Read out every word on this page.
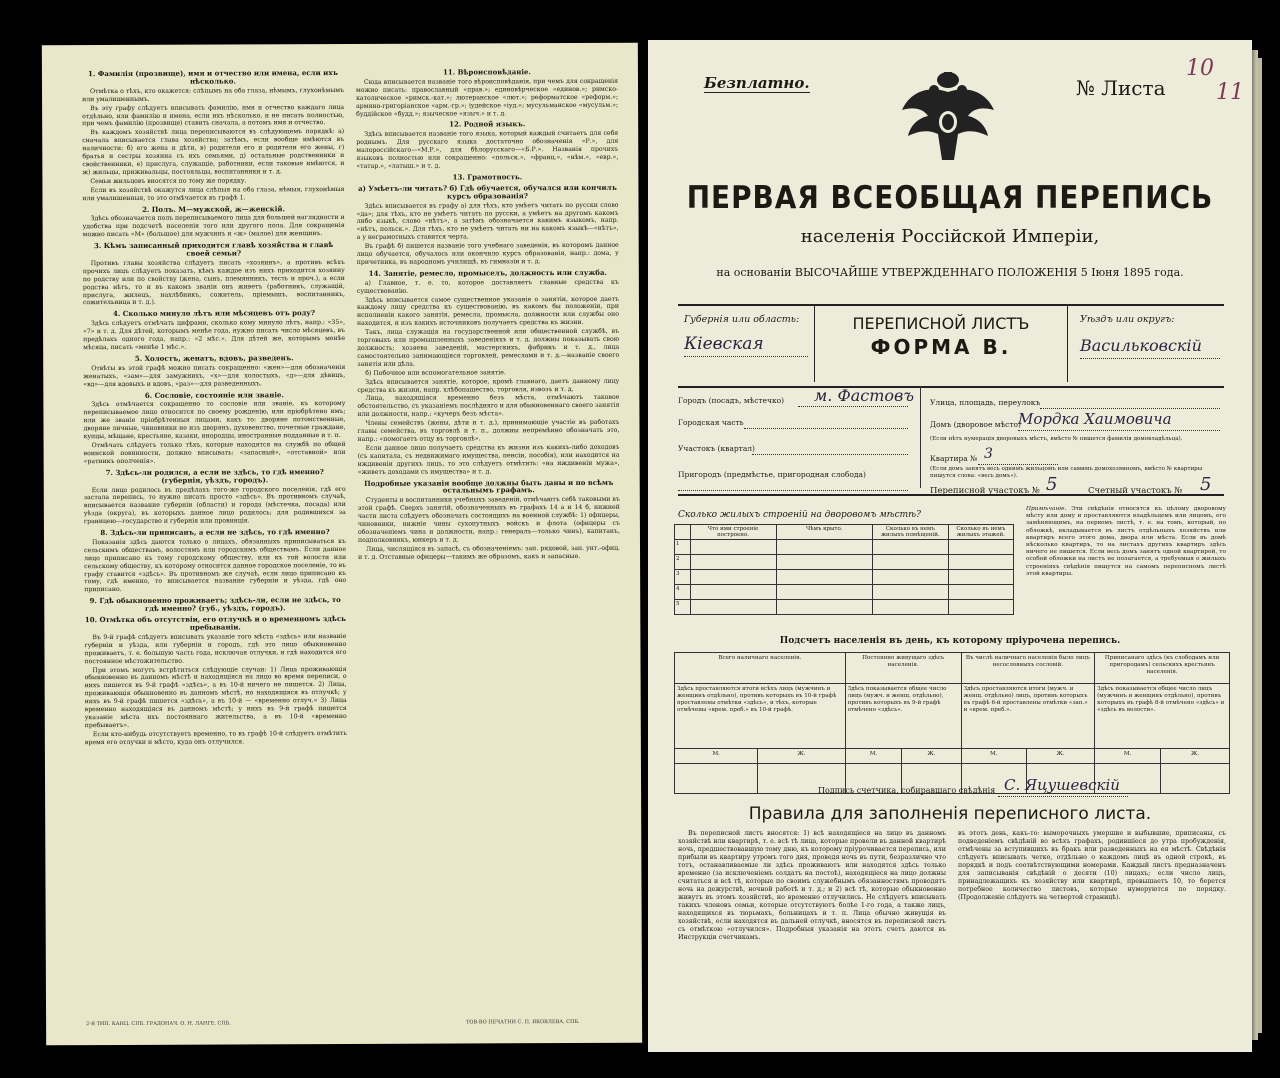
1. Фамилія (прозвище), имя и отчество или имена, если ихъ нѣсколько.

Отмѣтка о тѣхъ, кто окажется: слѣпымъ на оба глаза, нѣмымъ, глухонѣмымъ или умалишеннымъ.

Въ эту графу слѣдуетъ вписывать фамилію, имя и отчество каждаго лица отдѣльно, или фамилію и имена, если ихъ нѣсколько, и не писать полностью, при чемъ фамилію (прозвище) ставить сначала, а потомъ имя и отчество.

Въ каждомъ хозяйствѣ лица переписываются въ слѣдующемъ порядкѣ: а) сначала вписывается глава хозяйства; затѣмъ, если вообще имѣются въ наличности: б) его жена и дѣти, в) родители его и родители его жены, г) братья и сестры хозяина съ ихъ семьями, д) остальные родственники и свойственники, е) прислуга, служащіе, работники, если таковые имѣются, и ж) жильцы, приживальцы, постояльцы, воспитанники и т. д.

Семьи жильцовъ вносятся по тому же порядку.

Если въ хозяйствѣ окажутся лица слѣпыя на оба глаза, нѣмыя, глухонѣмыя или умалишенныя, то это отмѣчается въ графѣ 1.

2. Полъ. М—мужской, ж—женскій.

Здѣсь обозначается полъ переписываемого лица для большей наглядности и удобства при подсчетѣ населенія того или другого пола. Для сокращенія можно писать «М» (большое) для мужчинъ и «ж» (малое) для женщинъ.

3. Кѣмъ записанный приходится главѣ хозяйства и главѣ своей семьи?

Противъ главы хозяйства слѣдуетъ писать «хозяинъ», а противъ всѣхъ прочихъ лицъ слѣдуетъ показать, кѣмъ каждое изъ нихъ приходится хозяину по родству или по свойству (жена, сынъ, племянникъ, тесть и проч.), а если родства нѣтъ, то и въ какомъ званіи онъ живетъ (работникъ, служащій, прислуга, жилецъ, нахлѣбникъ, сожитель, пріемышъ, воспитанникъ, сожительница и т. д.).

4. Сколько минуло лѣтъ или мѣсяцевъ отъ роду?

Здѣсь слѣдуетъ отмѣчать цифрами, сколько кому минуло лѣтъ, напр.: «35», «7» и т. д. Для дѣтей, которымъ менѣе года, нужно писать число мѣсяцевъ, въ предѣлахъ одного года, напр.: «2 мѣс.». Для дѣтей же, которымъ менѣе мѣсяца, писать «менѣе 1 мѣс.».

5. Холостъ, женатъ, вдовъ, разведенъ.

Отвѣты въ этой графѣ можно писать сокращенно: «жен»—для обозначенія женатыхъ, «зам»—для замужнихъ, «х»—для холостыхъ, «д»—для дѣвицъ, «вд»—для вдовыхъ и вдовъ, «раз»—для разведенныхъ.

6. Сословіе, состояніе или званіе.

Здѣсь отмѣчается сокращенно то сословіе или званіе, къ которому переписываемое лицо относится по своему рожденію, или пріобрѣтено имъ; или же званіе пріобрѣтенныя лицами, какъ то: дворяне потомственные, дворяне личные, чиновники не изъ дворянъ, духовенство, почетные граждане, купцы, мѣщане, крестьяне, казаки, инородцы, иностранные подданные и т. п.

Отмѣчать слѣдуетъ только тѣхъ, которые находятся на службѣ по общей воинской повинности, должно вписывать: «запасный», «отставной» или «ратникъ ополченія».

7. Здѣсь-ли родился, а если не здѣсь, то гдѣ именно? (губернія, уѣздъ, городъ).

Если лицо родилось въ предѣлахъ того-же городского поселенія, гдѣ его застала перепись, то нужно писать просто «здѣсь». Въ противномъ случаѣ, вписывается название губерніи (области) и города (мѣстечка, посада) или уѣзда (округа), въ которыхъ данное лицо родилось; для родившихся за границею—государство и губернія или провинція.

8. Здѣсь-ли приписанъ, а если не здѣсь, то гдѣ именно?

Показанія здѣсь даются только о лицахъ, обязанныхъ приписываться къ сельскимъ обществамъ, волостямъ или городскимъ обществамъ. Если данное лицо приписано къ тому городскому обществу, или къ той волости или сельскому обществу, къ которому относится данное городское поселеніе, то въ графу ставится «здѣсь». Въ противномъ же случаѣ, если лицо приписано къ тому, гдѣ именно, то вписывается название губерніи и уѣзда, гдѣ оно приписано.

9. Гдѣ обыкновенно проживаетъ; здѣсь-ли, если не здѣсь, то гдѣ именно? (губ., уѣздъ, городъ).
10. Отмѣтка объ отсутствіи, его отлучкѣ и о временномъ здѣсь пребываніи.

Въ 9-й графѣ слѣдуетъ вписывать указаніе того мѣста «здѣсь» или названіе губерніи и уѣзда, или губерніи и городъ, гдѣ это лицо обыкновенно проживаетъ, т. е. большую часть года, исключая отлучки, и гдѣ находится его постоянное мѣстожительство.

При этомъ могутъ встрѣтиться слѣдующіе случаи: 1) Лица проживающія обыкновенно въ данномъ мѣстѣ и находящіяся на лицо во время переписи, о нихъ пишется въ 9-й графѣ «здѣсь», а въ 10-й ничего не пишется. 2) Лица, проживающія обыкновенно въ данномъ мѣстѣ, но находящіяся въ отлучкѣ; у нихъ въ 9-й графѣ пишется «здѣсь», а въ 10-й — «временно отлуч.» 3) Лица временно находящіяся въ данномъ мѣстѣ; у нихъ въ 9-й графѣ пишется указаніе мѣста ихъ постояннаго жительства, а въ 10-й «временно пребываетъ».

Если кто-нибудь отсутствуетъ временно, то въ графѣ 10-й слѣдуетъ отмѣтить время его отлучки и мѣсто, куда онъ отлучился.

11. Вѣроисповѣданіе.

Сюда вписывается названіе того вѣроисповѣданія, при чемъ для сокращенія можно писать: православный «прав.»; единовѣрческое «единов.»; римско-католическое «римск.-кат.»; лютеранское «лют.»; реформатское «реформ.»; армяно-григоріанское «арм.-гр.»; іудейское «іуд.»; мусульманское «мусульм.»; буддійское «будд.»; языческое «языч.» и т. д.

12. Родной языкъ.

Здѣсь вписывается названіе того языка, который каждый считаетъ для себя роднымъ. Для русскаго языка достаточно обозначенія «Р.», для малороссійскаго—«М.Р.», для бѣлорусскаго—«Б.Р.». Названія прочихъ языковъ полностью или сокращенно: «польск.», «франц.», «нѣм.», «евр.», «татар.», «латыш.» и т. д.

13. Грамотность.
а) Умѣетъ-ли читать? б) Гдѣ обучается, обучался или кончилъ курсъ образованія?

Здѣсь вписывается въ графу а) для тѣхъ, кто умѣетъ читать по русски слово «да»; для тѣхъ, кто не умѣетъ читать по русски, а умѣетъ на другомъ какомъ либо языкѣ, слово «нѣтъ», а затѣмъ обозначается какимъ языкомъ, напр. «нѣтъ, польск.». Для тѣхъ, кто не умѣетъ читать ни на какомъ языкѣ—«нѣтъ», а у неграмотныхъ ставится черта.

Въ графѣ б) пишется названіе того учебнаго заведенія, въ которомъ данное лицо обучается, обучалось или окончило курсъ образованія, напр.: дома, у причетника, въ народномъ училищѣ, въ гимназіи и т. д.

14. Занятіе, ремесло, промыселъ, должность или служба.

а) Главное, т. е. то, которое доставляетъ главные средства къ существованію.

Здѣсь вписывается самое существенное указаніе о занятіи, которое даетъ каждому лицу средства къ существованію, въ какомъ бы положеніи, при исполненіи какого занятія, ремесла, промысла, должности или службы оно находится, и изъ какихъ источниковъ получаетъ средства къ жизни.

Такъ, лица служащія на государственной или общественной службѣ, въ торговыхъ или промышленныхъ заведеніяхъ и т. д. должны показывать свою должность; хозяева заведеній, мастерскихъ, фабрикъ и т. д., лица самостоятельно занимающіяся торговлей, ремеслами и т. д.—названіе своего занятія или дѣла.

б) Побочное или вспомогательное занятіе.

Здѣсь вписывается занятіе, которое, кромѣ главнаго, даетъ данному лицу средства къ жизни, напр. хлѣбопашество, торговля, извозъ и т. д.

Лица, находящіяся временно безъ мѣста, отмѣчаютъ таковое обстоятельство, съ указаніемъ послѣдняго и для обыкновеннаго своего занятія или должности, напр.: «кучеръ безъ мѣста».

Члены семействъ (жены, дѣти и т. д.), принимающіе участіе въ работахъ главы семейства, въ торговлѣ и т. п., должны непремѣнно обозначать это, напр.: «помогаетъ отцу въ торговлѣ».

Если данное лицо получаетъ средства къ жизни изъ какихъ-либо доходовъ (съ капитала, съ недвижимаго имущества, пенсіи, пособія), или находится на иждивеніи другихъ лицъ, то это слѣдуетъ отмѣтить: «на иждивеніи мужа», «живетъ доходами съ имущества» и т. д.

Подробные указанія вообще должны быть даны и по всѣмъ остальнымъ графамъ.

Студенты и воспитанники учебныхъ заведеній, отмѣчаютъ себѣ таковыми въ этой графѣ. Сверхъ занятій, обозначенныхъ въ графахъ 14 а и 14 б, нижней части листа слѣдуетъ обозначать состоящихъ на военной службѣ: 1) офицеры, чиновники, нижніе чины сухопутныхъ войскъ и флота (офицеры съ обозначеніемъ чина и должности, напр.: генералъ—только чинъ), капитанъ, подполковникъ, юнкеръ и т. д.

Лица, числящіяся въ запасѣ, съ обозначеніемъ: зап. рядовой, зап. унт.-офиц. и т. д. Отставные офицеры—такимъ же образомъ, какъ и запасные.

2-Я ТИП. КАНЦ. СПБ. ГРАДОНАЧ. О. Н. ЛАНГЕ, СПБ.	ТОВ-ВО ПЕЧАТНИ С. П. ЯКОВЛЕВА, СПБ.
Безплатно.	№ Листа
10
11
ПЕРВАЯ ВСЕОБЩАЯ ПЕРЕПИСЬ
населенія Россійской Имперіи,
на основаніи ВЫСОЧАЙШЕ УТВЕРЖДЕННАГО ПОЛОЖЕНІЯ 5 Іюня 1895 года.
ПЕРЕПИСНОЙ ЛИСТЪ
ФОРМА В.
Губернія или область:
Кіевская
Уѣздъ или округъ:
Васильковскій
Городъ (посадъ, мѣстечко) м. Фастовъ
Городская часть
Участокъ (квартал)
Пригородъ (предмѣстье, пригородная слобода)
Улица, площадь, переулокъ
Домъ (дворовое мѣсто)
Мордка Хаимовича
(Если нѣтъ нумерація дворовыхъ мѣстъ, вмѣсто № пишется фамилія домовладѣльца).
Квартира № 3
(Если домъ занятъ весь однимъ жильцомъ или самимъ домохозяиномъ, вмѣсто № квартиры пишутся слова: «весь домъ»).
Переписной участокъ № 5	Счетный участокъ № 5
Сколько жилыхъ строеній на дворовомъ мѣстѣ?
	Что ими строеніе построено.	Чѣмъ крыто.	Сколько въ немъ жилыхъ помѣщеній.	Сколько въ немъ жилыхъ этажей.
1				
2				
3				
4				
5				
Примѣчаніе. Эти свѣдѣнія относятся къ цѣлому дворовому мѣсту или дому и проставляются владѣльцемъ или лицомъ, его замѣняющимъ, на первомъ листѣ, т. е. на томъ, который, по обложкѣ, вкладывается въ листъ отдѣльныхъ хозяйствъ или квартиръ всего этого дома, двора или мѣста. Если въ домѣ нѣсколько квартиръ, то на листахъ другихъ квартиръ здѣсь ничего не пишется. Если весь домъ занятъ одной квартирой, то особой обложки на листъ не полагается, а требуемыя о жилыхъ строеніяхъ свѣдѣнія пишутся на самомъ переписномъ листѣ этой квартиры.
Подсчетъ населенія въ день, къ которому пріурочена перепись.
Всего наличнаго населенія.		Постоянно живущаго здѣсь населенія.		Въ числѣ наличнаго населенія было лицъ несословныхъ сословій.		Приписанаго здѣсь (къ слободамъ или пригородамъ) сельскихъ крестьянъ населенія.	
Здѣсь проставляются итоги всѣхъ лицъ (мужчинъ и женщинъ отдѣльно), противъ которыхъ въ 10-й графѣ проставлены отмѣтки «здѣсь», и тѣхъ, которые отмѣчены «врем. преб.» въ 10-й графѣ.		Здѣсь показывается общее число лицъ (мужч. и женщ. отдѣльно), противъ которыхъ въ 9-й графѣ отмѣчено «здѣсь».		Здѣсь проставляются итоги (мужч. и женщ. отдѣльно) лицъ, противъ которыхъ въ графѣ 6-й проставлены отмѣтки «зап.» и «врем. преб.».		Здѣсь показывается общее число лицъ (мужчинъ и женщинъ отдѣльно), противъ которыхъ въ графѣ 8-й отмѣчено «здѣсь» и «здѣсь въ волости».	
М.	Ж.	М.	Ж.	М.	Ж.	М.	Ж.

Подпись счетчика, собиравшаго свѣдѣнія С. Яцушевскій
Правила для заполненія переписного листа.
Въ переписной листъ вносятся: 1) всѣ находящіеся на лицо въ данномъ хозяйствѣ или квартирѣ, т. е. всѣ тѣ лица, которые провели въ данной квартирѣ ночь, предшествовавшую тому дню, къ которому пріурочивается перепись, или прибыли въ квартиру утромъ того дня, проведя ночь въ пути, безразлично что тотъ, останавливаемые ли здѣсь проживаютъ или находятся здѣсь только временно (за исключеніемъ солдатъ на постоѣ), находящіеся на лицо должны считаться и всѣ тѣ, которые по своимъ служебнымъ обязанностямъ проводятъ ночь на дежурствѣ, ночной работѣ и т. д.; и 2) всѣ тѣ, которые обыкновенно живутъ въ этомъ хозяйствѣ, но временно отлучились. Не слѣдуетъ вписывать такихъ членовъ семьи, которые отсутствуютъ болѣе 1-го года, а также лицъ, находящихся въ тюрьмахъ, больницахъ и т. п. Лица обычно живущія въ хозяйствѣ, если находятся въ дальней отлучкѣ, вносятся въ переписной листъ съ отмѣткою «отлучился». Подробныя указанія на этотъ счетъ даются въ Инструкціи счетчикамъ.
въ этотъ день, какъ-то: выморочныхъ умершие и выбывшие, приписаны, съ подведеніемъ свѣдѣній во всѣхъ графахъ, родившіеся до утра пробужденія, отмѣчены за вступившихъ въ бракъ или разведенныхъ на ея мѣстѣ. Свѣдѣнія слѣдуетъ вписывать четко, отдѣльно о каждомъ лицѣ въ одной строкѣ, въ порядкѣ и подъ соотвѣтствующими номерами. Каждый листъ предназначенъ для записыванія свѣдѣній о десяти (10) лицахъ; если число лицъ, принадлежащихъ къ хозяйству или квартирѣ, превышаетъ 10, то берется потребное количество листовъ, которые нумеруются по порядку. (Продолженіе слѣдуетъ на четвертой страницѣ).
